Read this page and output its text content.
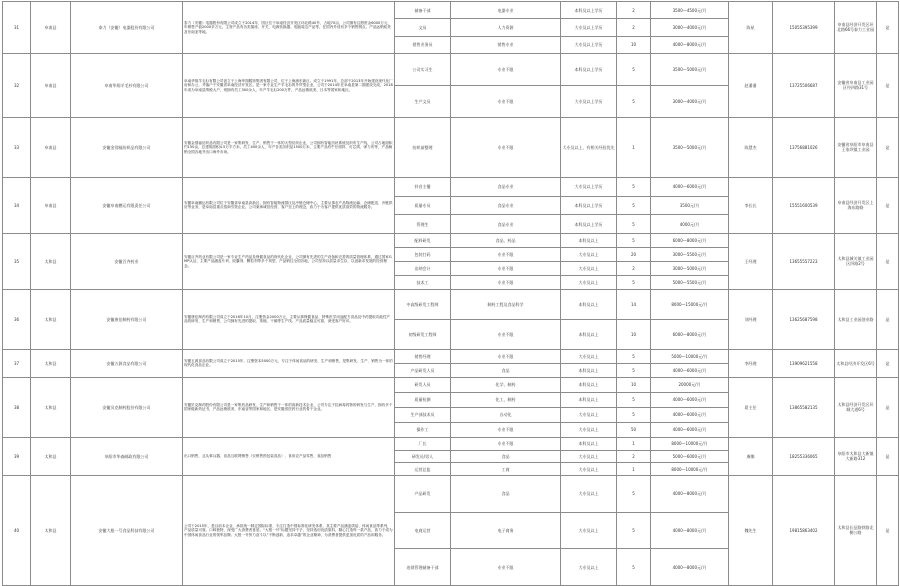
31	阜南县	泰力（安徽）电器股份有限公司	泰力（安徽）电器股份有限公司成立于2014年，园区位于阜南经济开发区环北路40号，占地70亩，公司拥有注册资金6000万元，年销售产值2000多万元，主营产品有各类插座、开关、电源转换器、电脑周边产品等，在国内外设有多个销售网点，产品远销欧美及东南亚等地。	储备干部	电器专业	本科及以上学历	2	3500—4500元/月	陈星	15055395399	阜南县经济开发区环北路66号泰力工业园	是
				文员	人力资源	大专及以上学历	2	3000—4000元/月				
				销售业务员	销售专业	大专及以上学历	10	4000—8000元/月				
32	阜南县	阜南华翔羊毛衫有限公司	阜南华翔羊毛衫有限公司创立于上海华翔服饰集团有限公司，位于上海浦东新区。成立于1991年，总部于2013年开始建设现代化厂房和办公，并落户于安徽省阜南经济开发区。是一家专业生产羊毛衫的外贸型企业，公司于2014年在阜南县第二期建设完成，2018年成为阜南县纳税大户，现拥有员工300余人，年产羊毛衫200万件，产品远销欧美、日本等国家和地区。	公司实习生	专业不限	本科及以上学历	5	3500—5000元/月	赵潘潘	13725506687	安徽省阜南县工业园区经四路31号	是
				生产文员	专业不限	大专及以上学历	5	3000—4000元/月				
33	阜南县	安徽金翎福纺织品有限公司	安徽金翎福纺织品有限公司是一家集研发、生产、销售于一体的大型纺织企业，公司拥有智能纺丝系统及织布生产线，公司占地面积约150亩，总建筑面积4.5万平方米，员工400余人，年产各类纺织品1500万米，主要产品有牛仔面料、灯芯绒、弹力布等，产品畅销全国各地并出口海外市场。	纺织前整理	专业不限	大专及以上，有相关经验优先	1	3500—5000元/月	陈慧杰	13756881026	安徽省阜阳市阜南县王家坝镇工业园	是
34	阜南县	安徽阜南鹏运有限责任公司	安徽阜南鹏运有限公司位于安徽省阜南县高新区，拥有智能物流园区及冷链仓储中心，主要从事农产品物流运输、仓储配送、冷链供应等业务，是阜南县重点招商引资企业，公司秉承诚信经营、客户至上的理念，致力于为客户提供优质高效的物流服务。	抖音主播	食品专业	大专及以上学历	5	4000—6000元/月	李长长	15551600539	阜南县经济开发区上海东路路	是
				质量专员	食品专业	本科及以上学历	5	3500元/月				
				管理生	食品专业	本科及以上学历	5	4000元/月				
35	太和县	安徽百齐药业	安徽百齐药业有限公司是一家专业生产药品及保健食品的现代化企业，公司拥有先进的生产设备和完善的质量管理体系，通过国家GMP认证，主要产品涵盖片剂、胶囊剂、颗粒剂等多个剂型，产品销往全国各地，公司坚持以质量求生存，以创新求发展的经营理念。	配料研发	食品、药品	本科及以上	5	6000—8000元/月	王经理	13655557223	太和县城关镇工业园区四路2号	是
				包装打码	专业不限	大专及以上	20	3000—5500元/月				
				出纳会计	专业不限	大专及以上	2	3000—5000元/月				
				技术工	专业不限	大专及以上	5	5000—5500元/月				
36	太和县	安徽康佳制药有限公司	安徽康佳制药有限公司成立于2016年10月，注册资金2000万元，主要从事保健食品、特殊医学用途配方食品及中药提取功能性产品的研发、生产和销售，公司拥有先进的提取、浓缩、干燥等生产线，产品质量稳定可靠，深受客户好评。	中高级研发工程师	制药工程及食品科学	本科及以上	14	8000—15000元/月	刘经理	13625687598	太和县工业园创业路	是
				初级研发工程师	专业不限	本科及以上	10	6000—8000元/月				
37	太和县	安徽五源食品有限公司	安徽五源食品有限公司成立于2015年，注册资本5000万元，专注于休闲食品的研发、生产和销售，是集研发、生产、销售为一体的现代化食品企业。	销售经理	专业不限	大专及以上	5	5000—10000元/月	李经理	13909621558	太和县经济开发区6号	是
				产品研发人员	食品	本科及以上	5	4000—6000元/月				
38	太和县	安徽贝克制药股份有限公司	安徽贝克制药股份有限公司是一家集药品研发、生产和销售于一体的高新技术企业，公司专注于抗病毒药物的研发与生产，拥有多个国家级新药证书，产品远销欧美、东南亚等国家和地区，是安徽省医药行业的骨干企业。	研发人员	化学、制药	本科及以上	10	20000元/月	葛主任	13865582135	太和县经济开发区环城大道6号	是
				质量检测	化工、制药	本科及以上	5	4000—6000元/月				
				生产部技术员	自动化	大专及以上	5	4000—6000元/月				
				操作工	专业不限	大专及以上	50	4000—6000元/月				
39	太和县	阜阳市华森邮政有限公司	出口销售、且从事兵器、食品互联网销售（仅销售预包装食品）、食用农产品零售、食品销售	厂长	专业不限	本科及以上	1	8000—10000元/月	虞娜	18255336065	阜阳市太和县大新镇大新路312	是
				研发员/男人	食品	大专及以上	2	5000—6000元/月				
				运营总监	工商	大专及以上	1	8000—10000元/月				
40	太和县	安徽大根一号食品科技有限公司	公司于2015年，是目前本企业、承担统一制定国际标准、专注打造中国标准化研发体系，其主要产品涵盖烘焙、休闲食品等系列，产品质量可靠，口味独特，深受广大消费者喜爱。“大根一号”标题坚持不予，坚持选用优质原料，精心打造每一款产品，致力于成为中国休闲食品行业的领军品牌。大根一号努力奋斗以“不断创新、追求卓越”的企业精神，为消费者提供更加优质的产品和服务。	产品研发	食品	大专及以上	5	4000—8000元/月	魏先生	19815863402	太和县长征路铁路北侧公路	是
				电商运营	电子商务	大专及以上	5	4000—8000元/月				
				连锁管理储备干部	专业不限	大专及以上	5	4000—8000元/月				
